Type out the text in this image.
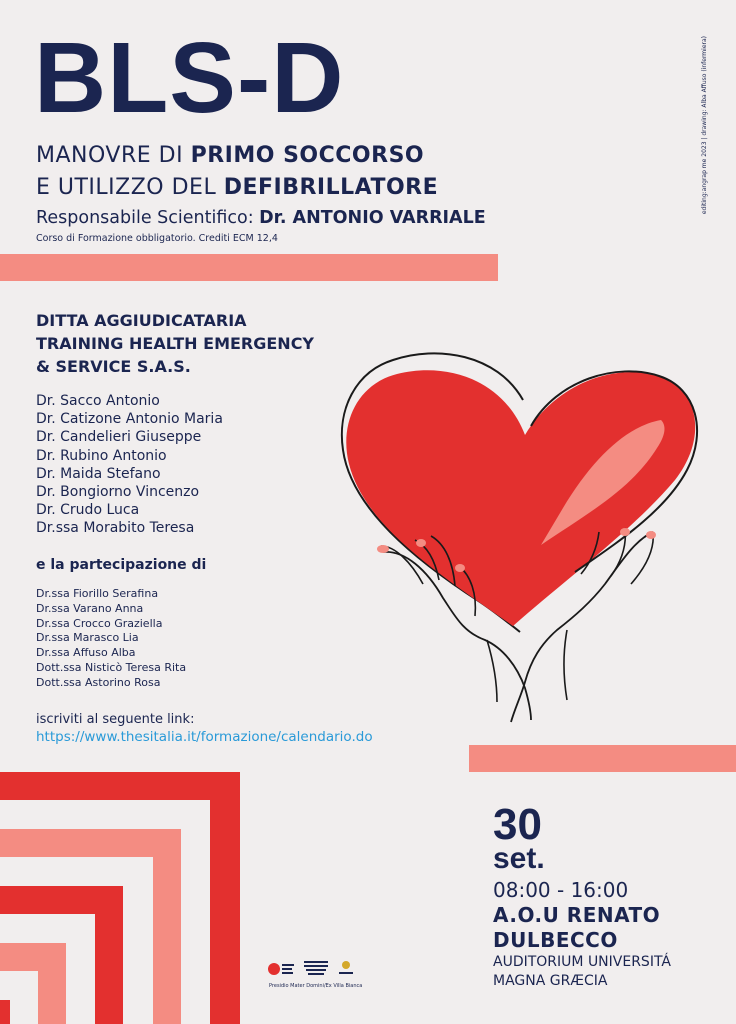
BLS-D
MANOVRE DI PRIMO SOCCORSO
E UTILIZZO DEL DEFIBRILLATORE
Responsabile Scientifico: Dr. ANTONIO VARRIALE
Corso di Formazione obbligatorio. Crediti ECM 12,4
editing:angrap me 2023 | drawing: Alba Affuso (infermiera)
DITTA AGGIUDICATARIA
TRAINING HEALTH EMERGENCY
& SERVICE S.A.S.
Dr. Sacco Antonio
Dr. Catizone Antonio Maria
Dr. Candelieri Giuseppe
Dr. Rubino Antonio
Dr. Maida Stefano
Dr. Bongiorno Vincenzo
Dr. Crudo Luca
Dr.ssa Morabito Teresa
e la partecipazione di
Dr.ssa Fiorillo Serafina
Dr.ssa Varano Anna
Dr.ssa Crocco Graziella
Dr.ssa Marasco Lia
Dr.ssa Affuso Alba
Dott.ssa Nisticò Teresa Rita
Dott.ssa Astorino Rosa
iscriviti al seguente link:
https://www.thesitalia.it/formazione/calendario.do
30
set.
08:00 - 16:00
A.O.U RENATO
DULBECCO
AUDITORIUM UNIVERSITÁ
MAGNA GRÆCIA
Presidio Mater Domini/Ex Villa Bianca
